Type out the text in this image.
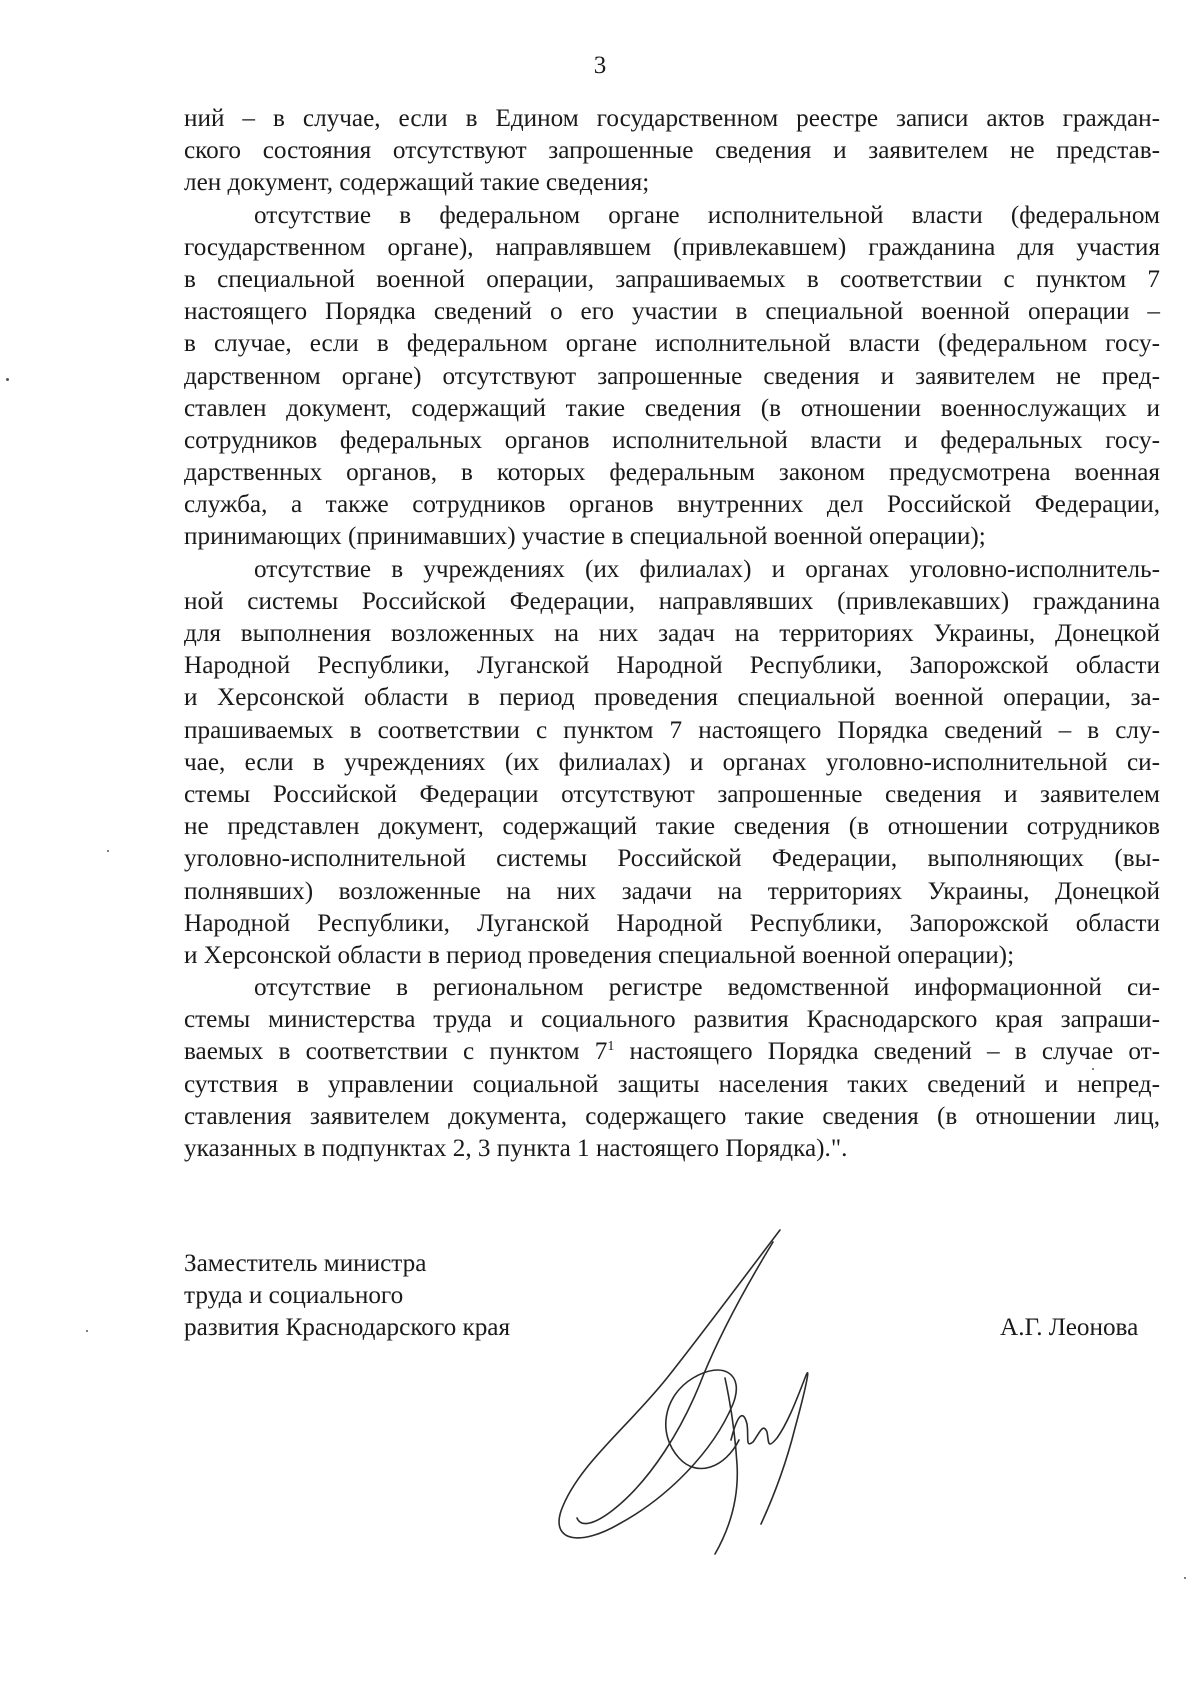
3
ний – в случае, если в Едином государственном реестре записи актов граждан-
ского состояния отсутствуют запрошенные сведения и заявителем не представ-
лен документ, содержащий такие сведения;
отсутствие в федеральном органе исполнительной власти (федеральном
государственном органе), направлявшем (привлекавшем) гражданина для участия
в специальной военной операции, запрашиваемых в соответствии с пунктом 7
настоящего Порядка сведений о его участии в специальной военной операции –
в случае, если в федеральном органе исполнительной власти (федеральном госу-
дарственном органе) отсутствуют запрошенные сведения и заявителем не пред-
ставлен документ, содержащий такие сведения (в отношении военнослужащих и
сотрудников федеральных органов исполнительной власти и федеральных госу-
дарственных органов, в которых федеральным законом предусмотрена военная
служба, а также сотрудников органов внутренних дел Российской Федерации,
принимающих (принимавших) участие в специальной военной операции);
отсутствие в учреждениях (их филиалах) и органах уголовно-исполнитель-
ной системы Российской Федерации, направлявших (привлекавших) гражданина
для выполнения возложенных на них задач на территориях Украины, Донецкой
Народной Республики, Луганской Народной Республики, Запорожской области
и Херсонской области в период проведения специальной военной операции, за-
прашиваемых в соответствии с пунктом 7 настоящего Порядка сведений – в слу-
чае, если в учреждениях (их филиалах) и органах уголовно-исполнительной си-
стемы Российской Федерации отсутствуют запрошенные сведения и заявителем
не представлен документ, содержащий такие сведения (в отношении сотрудников
уголовно-исполнительной системы Российской Федерации, выполняющих (вы-
полнявших) возложенные на них задачи на территориях Украины, Донецкой
Народной Республики, Луганской Народной Республики, Запорожской области
и Херсонской области в период проведения специальной военной операции);
отсутствие в региональном регистре ведомственной информационной си-
стемы министерства труда и социального развития Краснодарского края запраши-
ваемых в соответствии с пунктом $7^1$ настоящего Порядка сведений – в случае от-
сутствия в управлении социальной защиты населения таких сведений и непред-
ставления заявителем документа, содержащего такие сведения (в отношении лиц,
указанных в подпунктах 2, 3 пункта 1 настоящего Порядка).".
Заместитель министра
труда и социального
развития Краснодарского края	А.Г. Леонова
